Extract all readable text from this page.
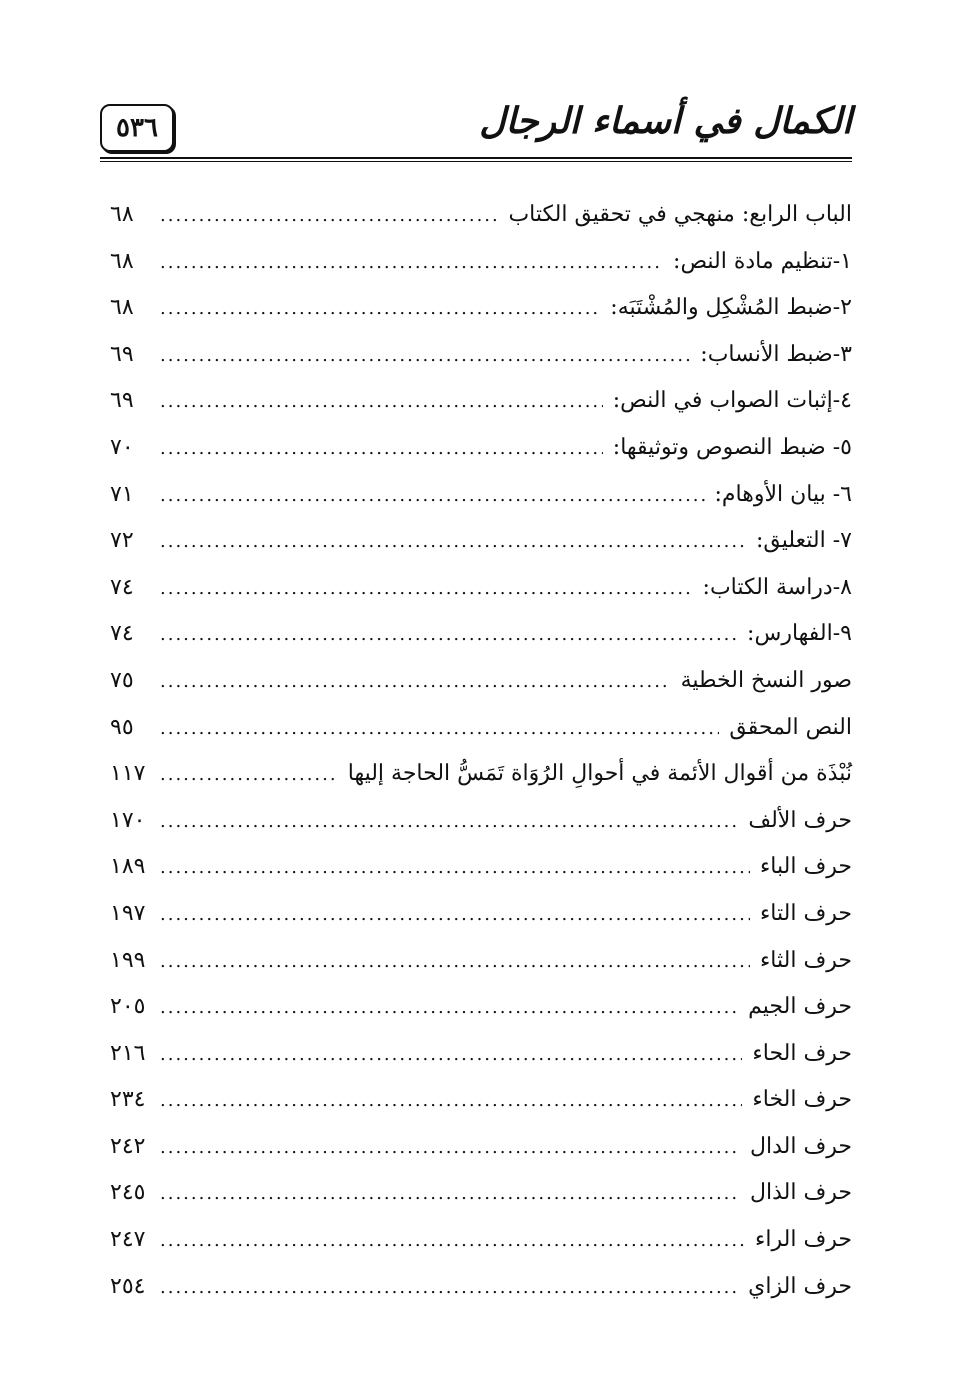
٥٣٦	الكمال في أسماء الرجال
الباب الرابع: منهجي في تحقيق الكتاب
.....
٦٨
١-تنظيم مادة النص:
.....
٦٨
٢-ضبط المُشْكِل والمُشْتَبَه:
.....
٦٨
٣-ضبط الأنساب:
.....
٦٩
٤-إثبات الصواب في النص:
.....
٦٩
٥- ضبط النصوص وتوثيقها:
.....
٧٠
٦- بيان الأوهام:
.....
٧١
٧- التعليق:
.....
٧٢
٨-دراسة الكتاب:
.....
٧٤
٩-الفهارس:
.....
٧٤
صور النسخ الخطية
.....
٧٥
النص المحقق
.....
٩٥
نُبْذَة من أقوال الأئمة في أحوالِ الرُوَاة تَمَسُّ الحاجة إليها
.....
١١٧
حرف الألف
.....
١٧٠
حرف الباء
.....
١٨٩
حرف التاء
.....
١٩٧
حرف الثاء
.....
١٩٩
حرف الجيم
.....
٢٠٥
حرف الحاء
.....
٢١٦
حرف الخاء
.....
٢٣٤
حرف الدال
.....
٢٤٢
حرف الذال
.....
٢٤٥
حرف الراء
.....
٢٤٧
حرف الزاي
.....
٢٥٤
